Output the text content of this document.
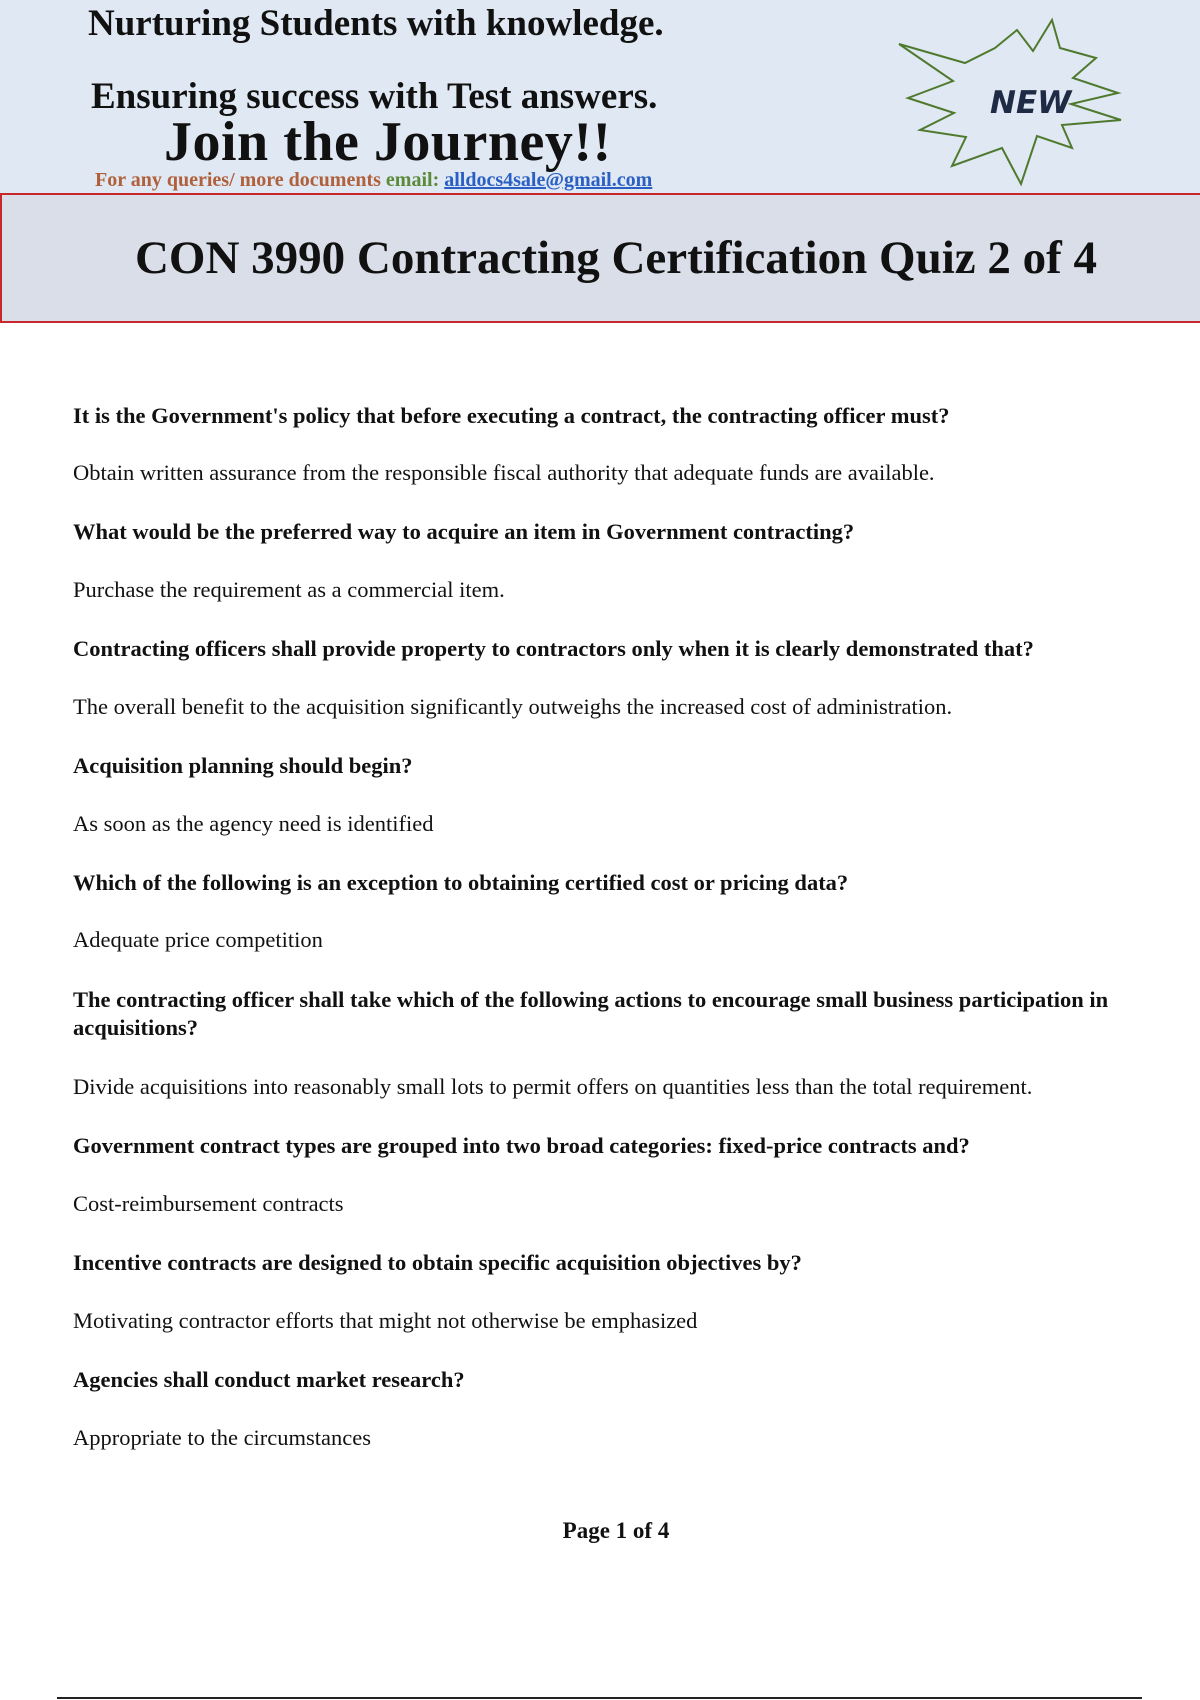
Nurturing Students with knowledge.
Ensuring success with Test answers.
Join the Journey!!
For any queries/ more documents email: alldocs4sale@gmail.com
NEW
CON 3990 Contracting Certification Quiz 2 of 4
It is the Government's policy that before executing a contract, the contracting officer must?
Obtain written assurance from the responsible fiscal authority that adequate funds are available.
What would be the preferred way to acquire an item in Government contracting?
Purchase the requirement as a commercial item.
Contracting officers shall provide property to contractors only when it is clearly demonstrated that?
The overall benefit to the acquisition significantly outweighs the increased cost of administration.
Acquisition planning should begin?
As soon as the agency need is identified
Which of the following is an exception to obtaining certified cost or pricing data?
Adequate price competition
The contracting officer shall take which of the following actions to encourage small business participation in acquisitions?
Divide acquisitions into reasonably small lots to permit offers on quantities less than the total requirement.
Government contract types are grouped into two broad categories: fixed-price contracts and?
Cost-reimbursement contracts
Incentive contracts are designed to obtain specific acquisition objectives by?
Motivating contractor efforts that might not otherwise be emphasized
Agencies shall conduct market research?
Appropriate to the circumstances
Page 1 of 4
